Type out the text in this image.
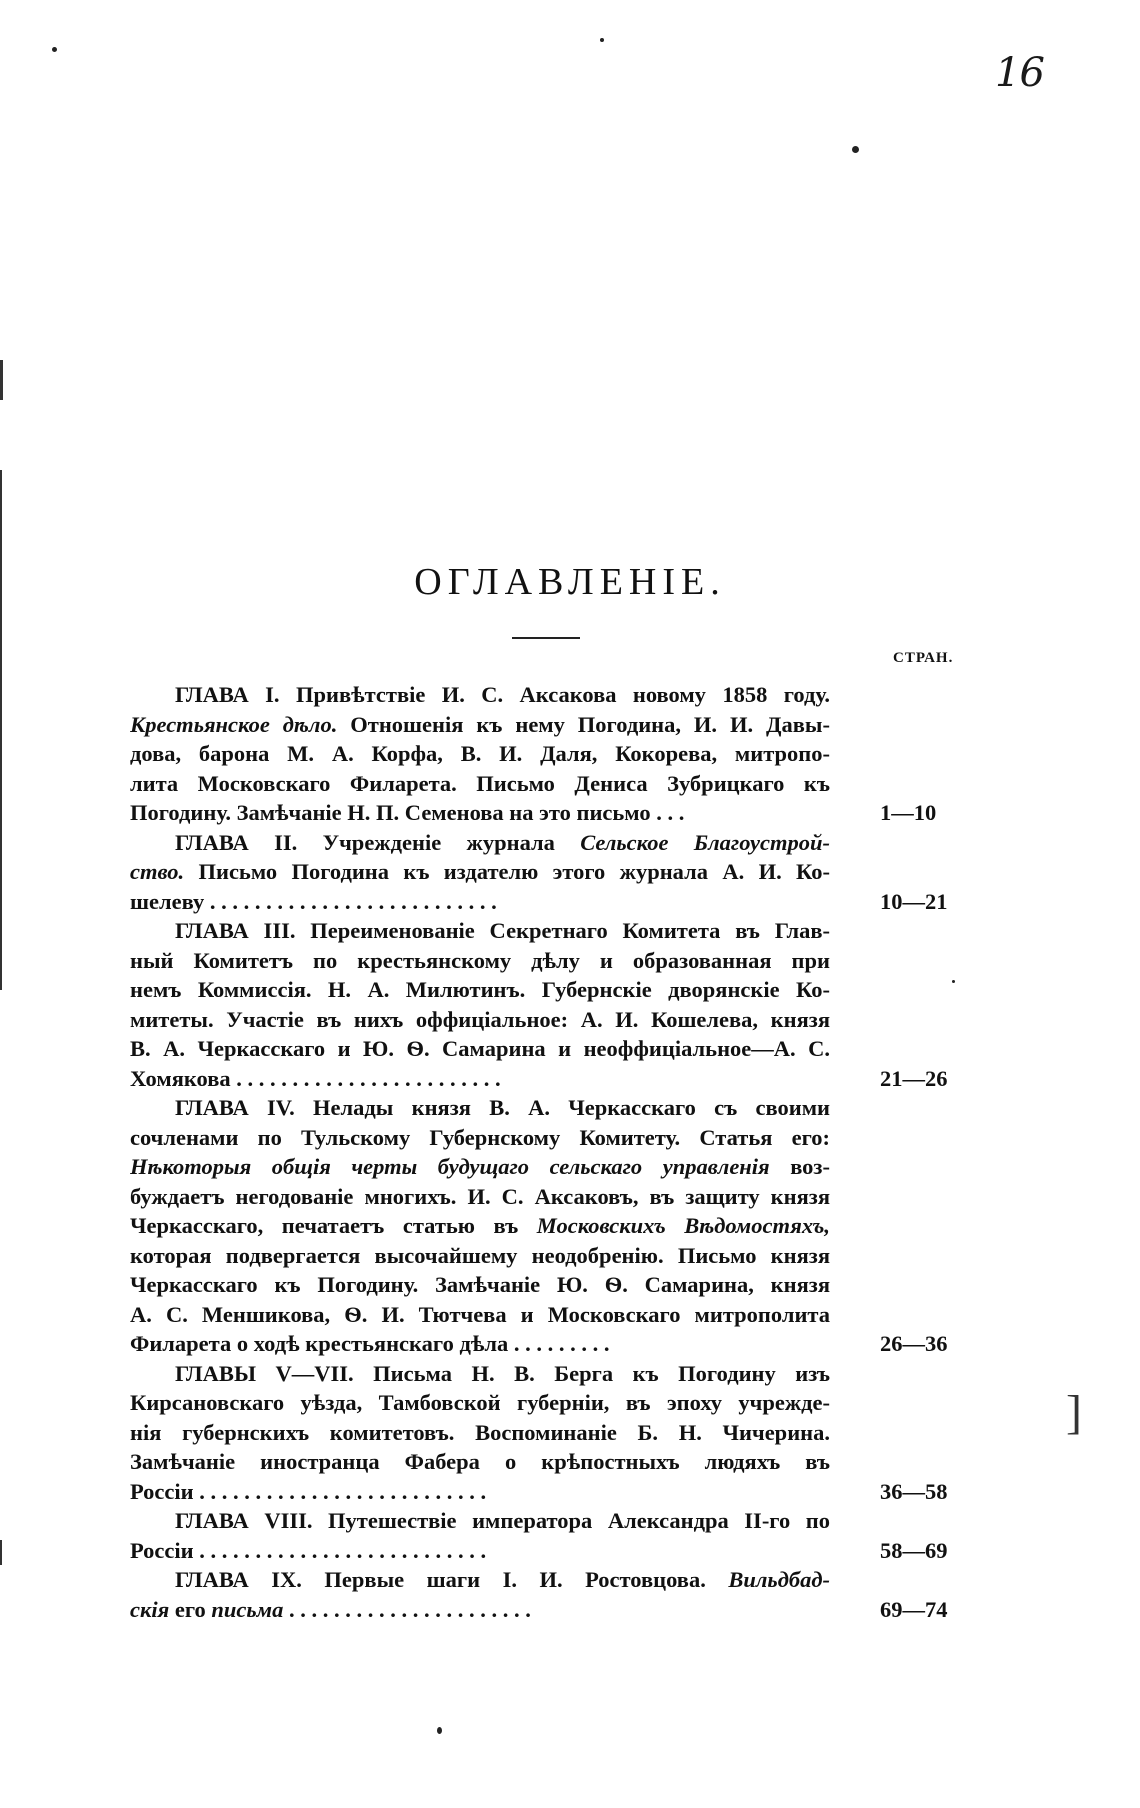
16
ОГЛАВЛЕНІЕ.
СТРАН.
ГЛАВА I. Привѣтствіе И. С. Аксакова новому 1858 году.
Крестьянское дѣло. Отношенія къ нему Погодина, И. И. Давы-
дова, барона М. А. Корфа, В. И. Даля, Кокорева, митропо-
лита Московскаго Филарета. Письмо Дениса Зубрицкаго къ
Погодину. Замѣчаніе Н. П. Семенова на это письмо . . .	1—10
ГЛАВА II. Учрежденіе журнала Сельское Благоустрой-
ство. Письмо Погодина къ издателю этого журнала А. И. Ко-
шелеву . . . . . . . . . . . . . . . . . . . . . . . . . .	10—21
ГЛАВА III. Переименованіе Секретнаго Комитета въ Глав-
ный Комитетъ по крестьянскому дѣлу и образованная при
немъ Коммиссія. Н. А. Милютинъ. Губернскіе дворянскіе Ко-
митеты. Участіе въ нихъ оффиціальное: А. И. Кошелева, князя
В. А. Черкасскаго и Ю. Ѳ. Самарина и неоффиціальное—А. С.
Хомякова . . . . . . . . . . . . . . . . . . . . . . . .	21—26
ГЛАВА IV. Нелады князя В. А. Черкасскаго съ своими
сочленами по Тульскому Губернскому Комитету. Статья его:
Нѣкоторыя общія черты будущаго сельскаго управленія воз-
буждаетъ негодованіе многихъ. И. С. Аксаковъ, въ защиту князя
Черкасскаго, печатаетъ статью въ Московскихъ Вѣдомостяхъ,
которая подвергается высочайшему неодобренію. Письмо князя
Черкасскаго къ Погодину. Замѣчаніе Ю. Ѳ. Самарина, князя
А. С. Меншикова, Ѳ. И. Тютчева и Московскаго митрополита
Филарета о ходѣ крестьянскаго дѣла . . . . . . . . .	26—36
ГЛАВЫ V—VII. Письма Н. В. Берга къ Погодину изъ
Кирсановскаго уѣзда, Тамбовской губерніи, въ эпоху учрежде-
нія губернскихъ комитетовъ. Воспоминаніе Б. Н. Чичерина.
Замѣчаніе иностранца Фабера о крѣпостныхъ людяхъ въ
Россіи . . . . . . . . . . . . . . . . . . . . . . . . . .	36—58
ГЛАВА VIII. Путешествіе императора Александра II-го по
Россіи . . . . . . . . . . . . . . . . . . . . . . . . . .	58—69
ГЛАВА IX. Первые шаги I. И. Ростовцова. Вильдбад-
скія его письма . . . . . . . . . . . . . . . . . . . . . .	69—74
]
